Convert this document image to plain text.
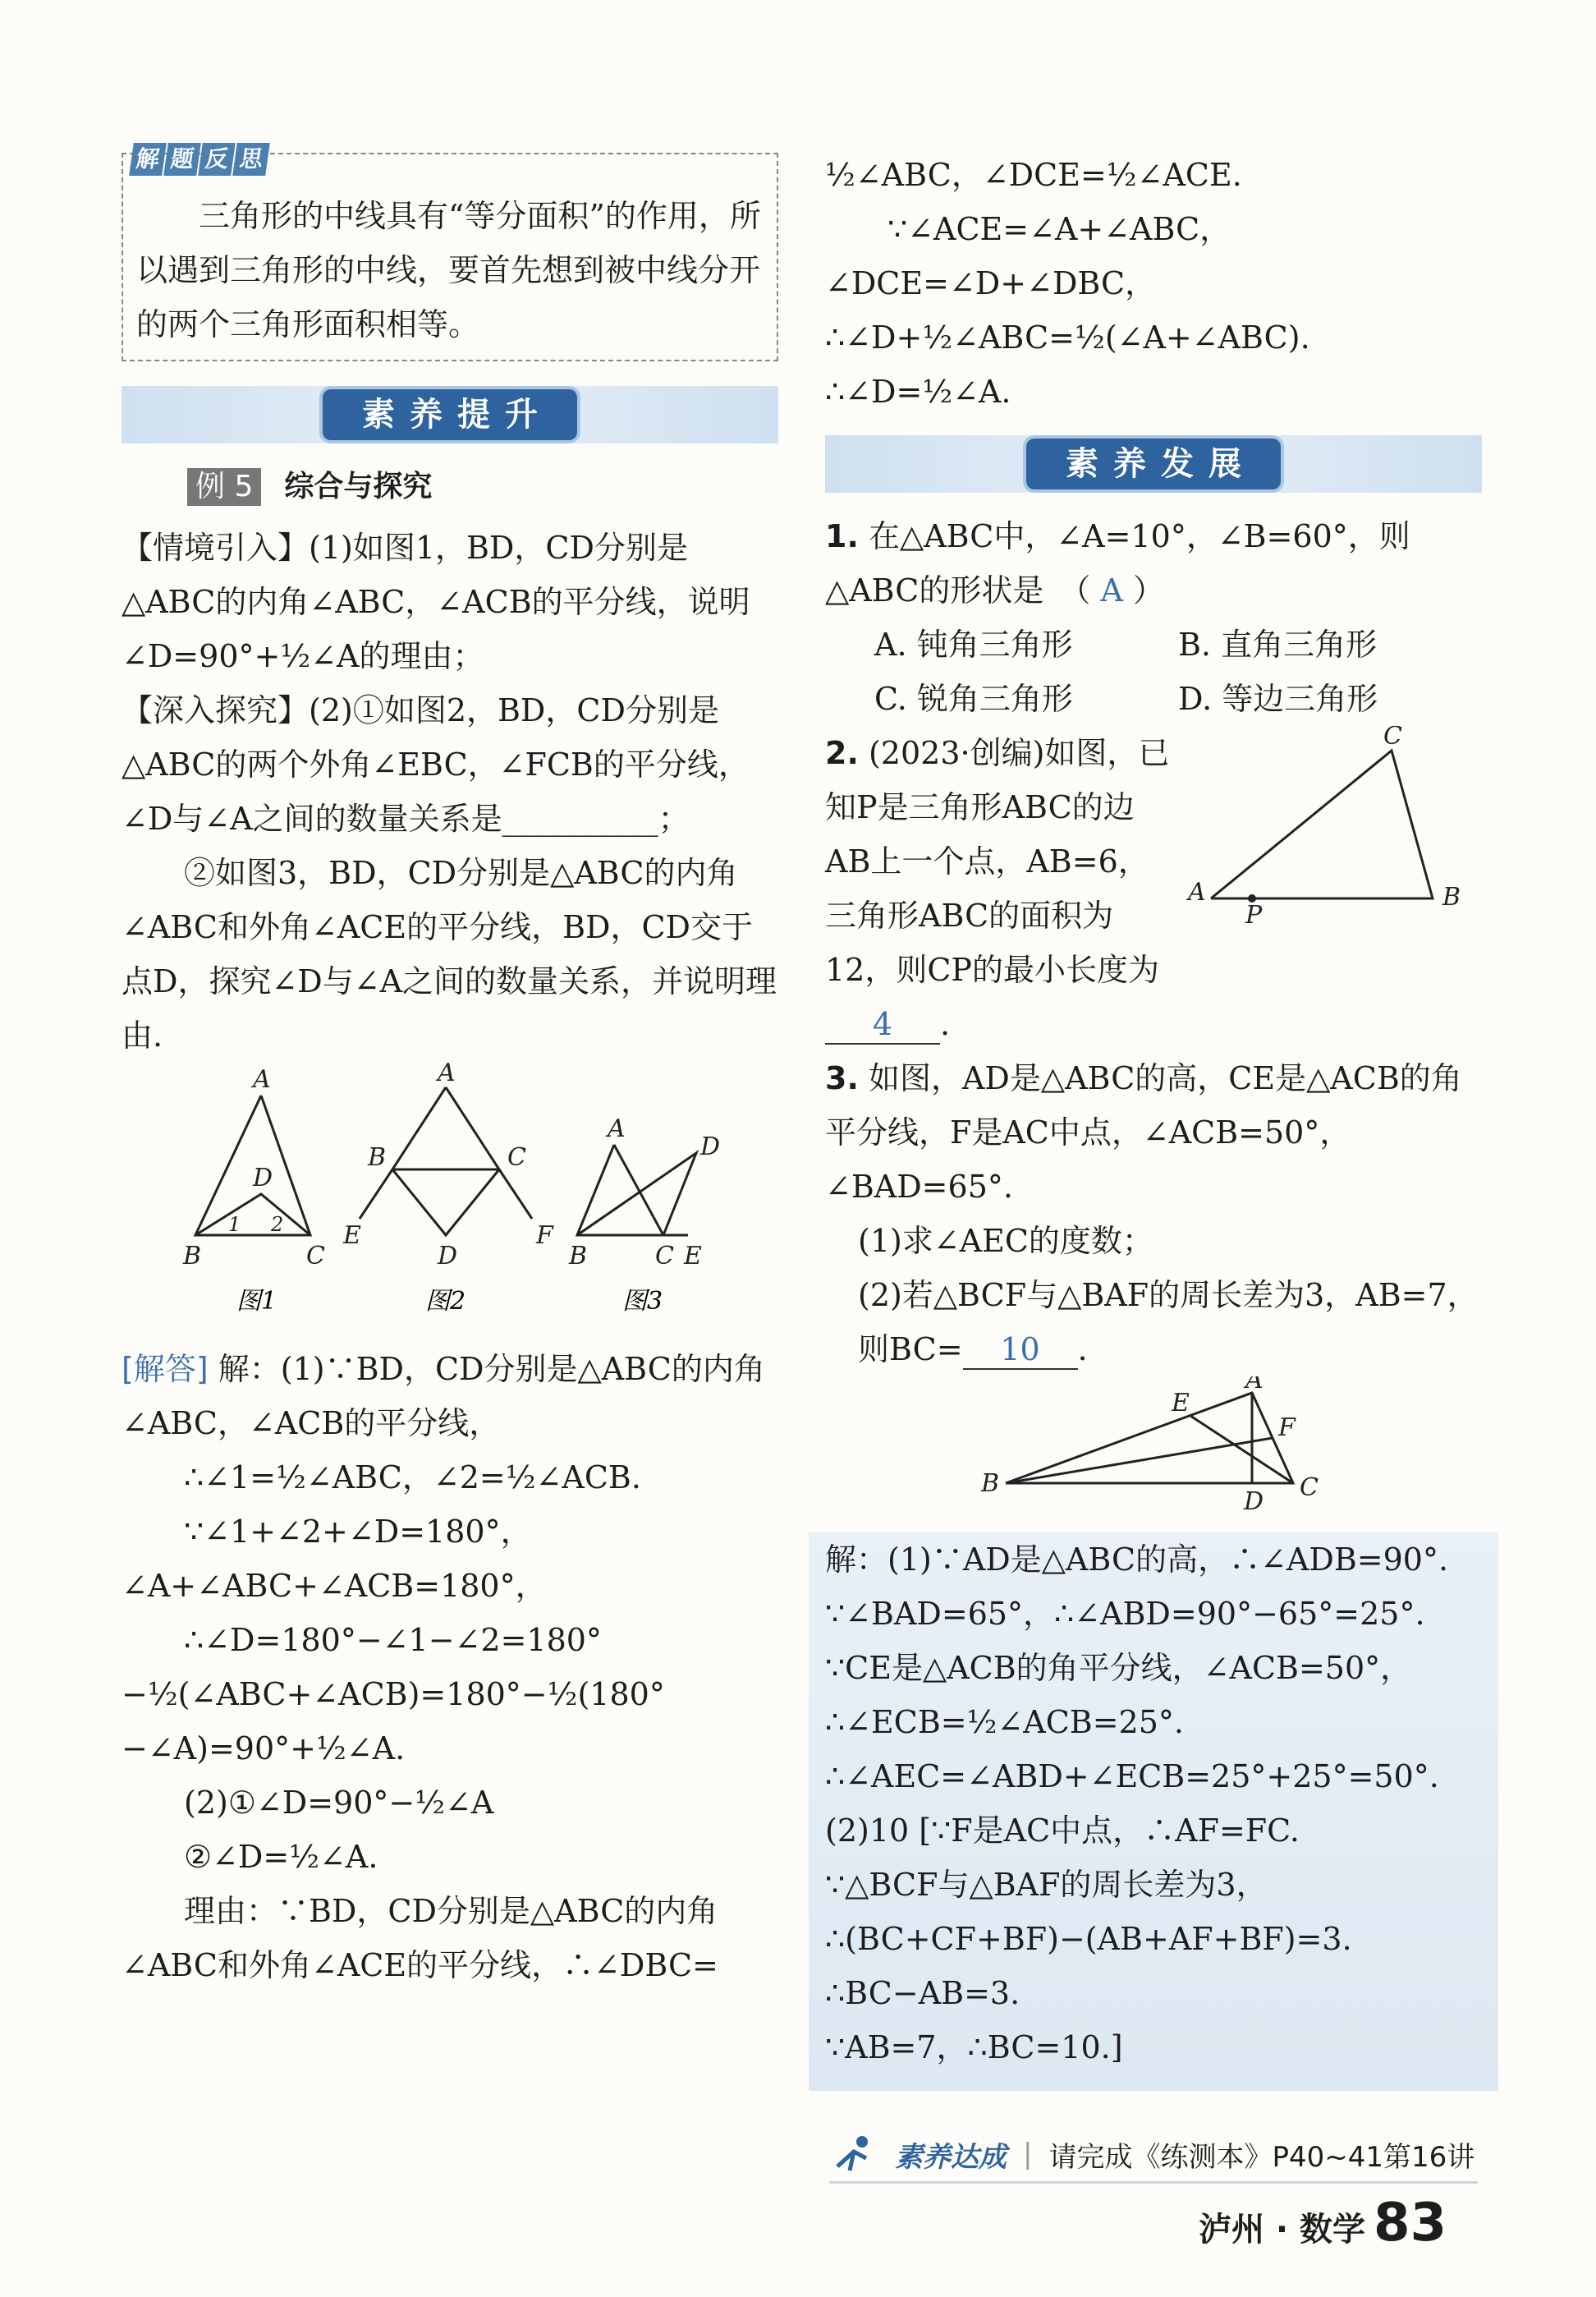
解 题 反 思

三角形的中线具有“等分面积”的作用，所以遇到三角形的中线，要首先想到被中线分开的两个三角形面积相等。

素养提升
例 5 综合与探究

【情境引入】(1)如图1，BD，CD分别是△ABC的内角∠ABC，∠ACB的平分线，说明∠D=90°+½∠A的理由；

【深入探究】(2)①如图2，BD，CD分别是△ABC的两个外角∠EBC，∠FCB的平分线，∠D与∠A之间的数量关系是__________；

②如图3，BD，CD分别是△ABC的内角∠ABC和外角∠ACE的平分线，BD，CD交于点D，探究∠D与∠A之间的数量关系，并说明理由.

A
D
B	C
1 2
图1
A
B	C
E	F
D
图2
A
D
B	C E
图3

[解答] 解：(1)∵BD，CD分别是△ABC的内角∠ABC，∠ACB的平分线，

∴∠1=½∠ABC，∠2=½∠ACB.

∵∠1+∠2+∠D=180°，∠A+∠ABC+∠ACB=180°，

∴∠D=180°−∠1−∠2=180°−½(∠ABC+∠ACB)=180°−½(180°−∠A)=90°+½∠A.

(2)①∠D=90°−½∠A

②∠D=½∠A.

理由：∵BD，CD分别是△ABC的内角∠ABC和外角∠ACE的平分线，∴∠DBC=

½∠ABC，∠DCE=½∠ACE.

∵∠ACE=∠A+∠ABC，∠DCE=∠D+∠DBC，∴∠D+½∠ABC=½(∠A+∠ABC). ∴∠D=½∠A.

素养发展

1. 在△ABC中，∠A=10°，∠B=60°，则△ABC的形状是　（ A ）

A. 钝角三角形	B. 直角三角形
C. 锐角三角形	D. 等边三角形
A	B
C
P

2. (2023·创编)如图，已知P是三角形ABC的边AB上一个点，AB=6，三角形ABC的面积为12，则CP的最小长度为4 .

3. 如图，AD是△ABC的高，CE是△ACB的角平分线，F是AC中点，∠ACB=50°，∠BAD=65°.

(1)求∠AEC的度数；

(2)若△BCF与△BAF的周长差为3，AB=7，则BC= 10 .

B
A
C
D
E
F

解：(1)∵AD是△ABC的高，∴∠ADB=90°.

∵∠BAD=65°，∴∠ABD=90°−65°=25°.

∵CE是△ACB的角平分线，∠ACB=50°，

∴∠ECB=½∠ACB=25°.

∴∠AEC=∠ABD+∠ECB=25°+25°=50°.

(2)10 [∵F是AC中点，∴AF=FC.

∵△BCF与△BAF的周长差为3，

∴(BC+CF+BF)−(AB+AF+BF)=3.

∴BC−AB=3.

∵AB=7，∴BC=10.]

素养达成 | 请完成《练测本》P40~41第16讲
泸州 · 数学 83
